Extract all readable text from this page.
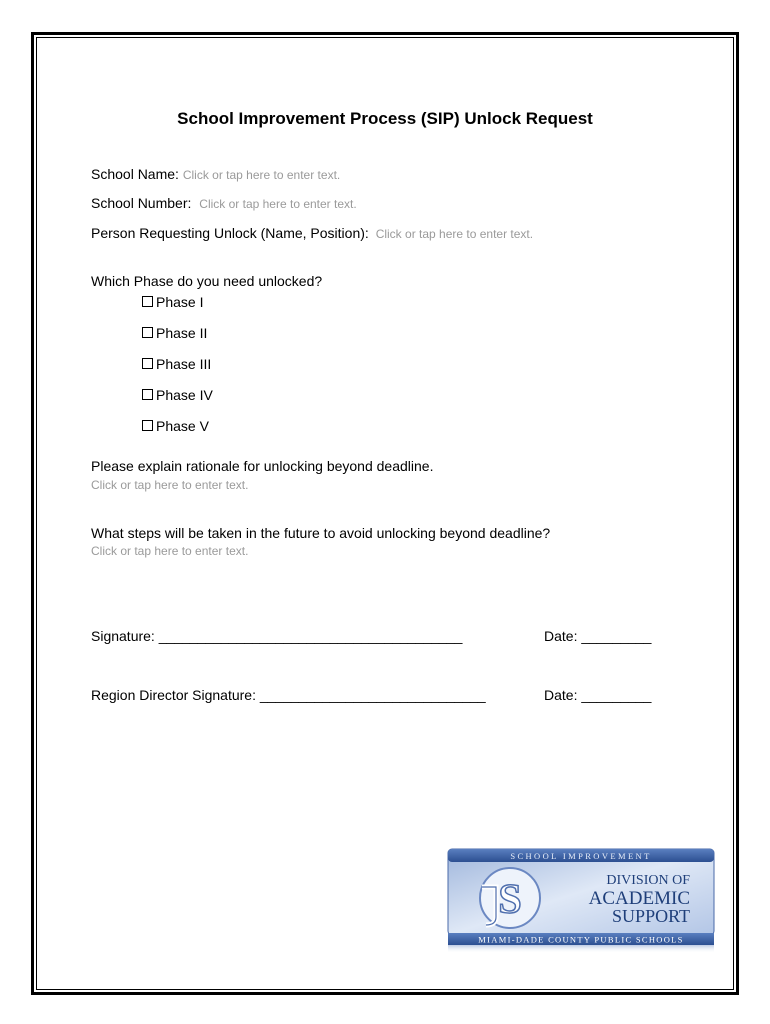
School Improvement Process (SIP) Unlock Request
School Name: Click or tap here to enter text.
School Number: Click or tap here to enter text.
Person Requesting Unlock (Name, Position): Click or tap here to enter text.
Which Phase do you need unlocked?
Phase I
Phase II
Phase III
Phase IV
Phase V
Please explain rationale for unlocking beyond deadline.
Click or tap here to enter text.
What steps will be taken in the future to avoid unlocking beyond deadline?
Click or tap here to enter text.
Signature: _______________________________________	Date: _________
Region Director Signature: _____________________________	Date: _________
SCHOOL IMPROVEMENT
S	DIVISION OF
ACADEMIC
SUPPORT
MIAMI-DADE COUNTY PUBLIC SCHOOLS
